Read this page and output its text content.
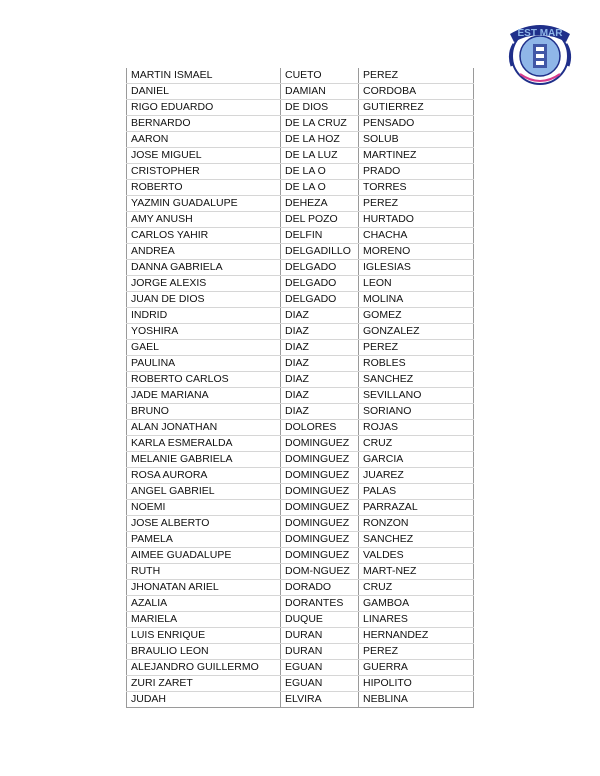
EST MAR
MARTIN ISMAEL	CUETO	PEREZ
DANIEL	DAMIAN	CORDOBA
RIGO EDUARDO	DE DIOS	GUTIERREZ
BERNARDO	DE LA CRUZ	PENSADO
AARON	DE LA HOZ	SOLUB
JOSE MIGUEL	DE LA LUZ	MARTINEZ
CRISTOPHER	DE LA O	PRADO
ROBERTO	DE LA O	TORRES
YAZMIN GUADALUPE	DEHEZA	PEREZ
AMY ANUSH	DEL POZO	HURTADO
CARLOS YAHIR	DELFIN	CHACHA
ANDREA	DELGADILLO	MORENO
DANNA GABRIELA	DELGADO	IGLESIAS
JORGE ALEXIS	DELGADO	LEON
JUAN DE DIOS	DELGADO	MOLINA
INDRID	DIAZ	GOMEZ
YOSHIRA	DIAZ	GONZALEZ
GAEL	DIAZ	PEREZ
PAULINA	DIAZ	ROBLES
ROBERTO CARLOS	DIAZ	SANCHEZ
JADE MARIANA	DIAZ	SEVILLANO
BRUNO	DIAZ	SORIANO
ALAN JONATHAN	DOLORES	ROJAS
KARLA ESMERALDA	DOMINGUEZ	CRUZ
MELANIE GABRIELA	DOMINGUEZ	GARCIA
ROSA AURORA	DOMINGUEZ	JUAREZ
ANGEL GABRIEL	DOMINGUEZ	PALAS
NOEMI	DOMINGUEZ	PARRAZAL
JOSE ALBERTO	DOMINGUEZ	RONZON
PAMELA	DOMINGUEZ	SANCHEZ
AIMEE GUADALUPE	DOMINGUEZ	VALDES
RUTH	DOM-NGUEZ	MART-NEZ
JHONATAN ARIEL	DORADO	CRUZ
AZALIA	DORANTES	GAMBOA
MARIELA	DUQUE	LINARES
LUIS ENRIQUE	DURAN	HERNANDEZ
BRAULIO LEON	DURAN	PEREZ
ALEJANDRO GUILLERMO	EGUAN	GUERRA
ZURI ZARET	EGUAN	HIPOLITO
JUDAH	ELVIRA	NEBLINA
